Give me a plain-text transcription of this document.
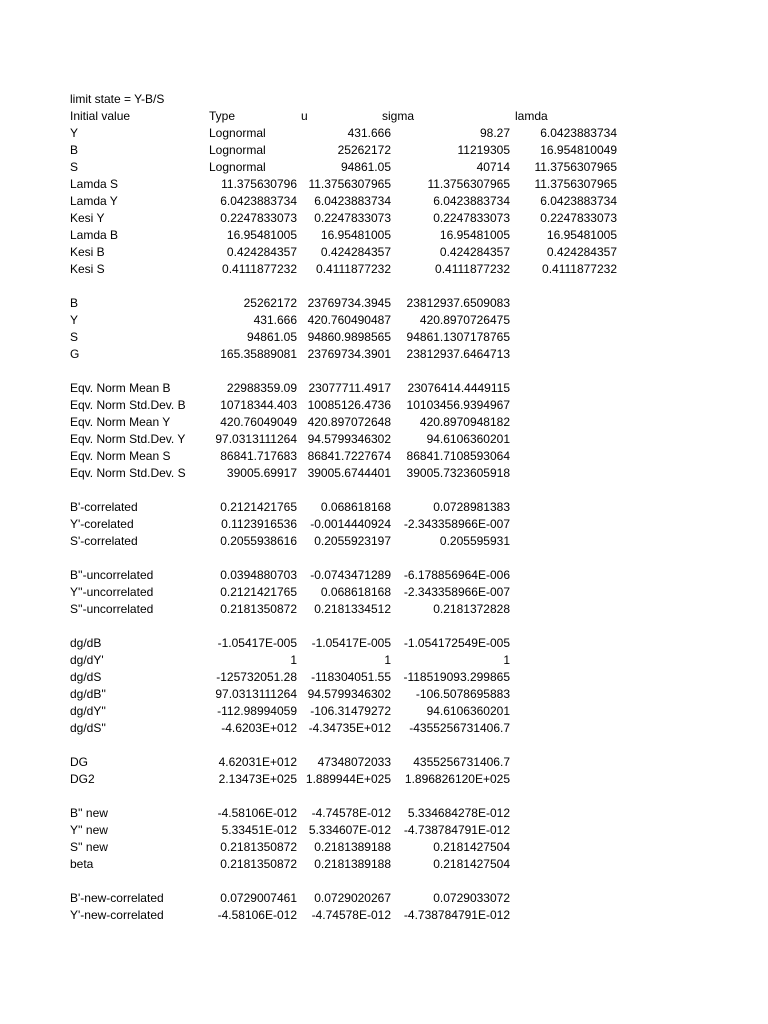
limit state = Y-B/S
Initial value	Type	u	sigma	lamda
Y	Lognormal	431.666	98.27	6.0423883734
B	Lognormal	25262172	11219305	16.954810049
S	Lognormal	94861.05	40714 11.3756307965
Lamda S	11.375630796 11.3756307965	11.3756307965 11.3756307965
Lamda Y	6.0423883734 6.0423883734	6.0423883734	6.0423883734
Kesi Y	0.2247833073 0.2247833073	0.2247833073	0.2247833073
Lamda B	16.95481005 16.95481005	16.95481005	16.95481005
Kesi B	0.424284357 0.424284357	0.424284357	0.424284357
Kesi S	0.4111877232 0.4111877232	0.4111877232	0.4111877232
B	25262172 23769734.3945 23812937.6509083
Y	431.666 420.760490487 420.8970726475
S	94861.05 94860.9898565 94861.1307178765
G	165.35889081 23769734.3901 23812937.6464713
Eqv. Norm Mean B	22988359.09 23077711.4917 23076414.4449115
Eqv. Norm Std.Dev. B	10718344.403 10085126.4736 10103456.9394967
Eqv. Norm Mean Y	420.76049049 420.897072648 420.8970948182
Eqv. Norm Std.Dev. Y 97.0313111264 94.5799346302	94.6106360201
Eqv. Norm Mean S	86841.717683 86841.7227674 86841.7108593064
Eqv. Norm Std.Dev. S	39005.69917 39005.6744401 39005.7323605918
B'-correlated	0.2121421765 0.068618168	0.0728981383
Y'-corelated	0.1123916536 -0.0014440924 -2.343358966E-007
S'-correlated	0.2055938616 0.2055923197	0.205595931
B''-uncorrelated	0.0394880703 -0.0743471289 -6.178856964E-006
Y''-uncorrelated	0.2121421765 0.068618168 -2.343358966E-007
S''-uncorrelated	0.2181350872 0.2181334512	0.2181372828
dg/dB	-1.05417E-005 -1.05417E-005 -1.054172549E-005
dg/dY'	1	1	1
dg/dS	-125732051.28 -118304051.55 -118519093.299865
dg/dB''	97.0313111264 94.5799346302 -106.5078695883
dg/dY''	-112.98994059 -106.31479272	94.6106360201
dg/dS''	-4.6203E+012 -4.34735E+012 -4355256731406.7
DG	4.62031E+012 47348072033 4355256731406.7
DG2	2.13473E+025 1.889944E+025 1.896826120E+025
B'' new	-4.58106E-012 -4.74578E-012 5.334684278E-012
Y'' new	5.33451E-012 5.334607E-012 -4.738784791E-012
S'' new	0.2181350872 0.2181389188	0.2181427504
beta	0.2181350872 0.2181389188	0.2181427504
B'-new-correlated	0.0729007461 0.0729020267	0.0729033072
Y'-new-correlated	-4.58106E-012 -4.74578E-012 -4.738784791E-012
